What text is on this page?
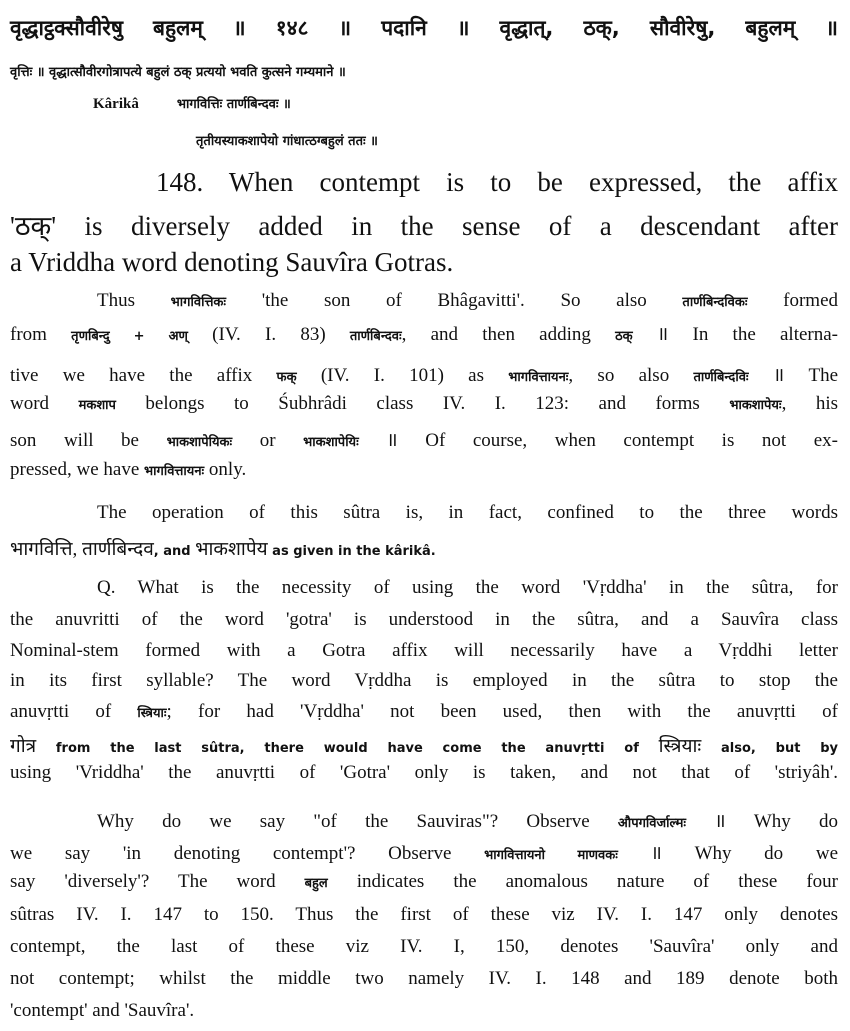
वृद्धाट्ठक्सौवीरेषु बहुलम् ॥ १४८ ॥ पदानि ॥ वृद्धात्, ठक्, सौवीरेषु, बहुलम् ॥
वृत्तिः ॥ वृद्धात्सौवीरगोत्रापत्ये बहुलं ठक् प्रत्ययो भवति कुत्सने गम्यमाने ॥
Kârikâ	भागवित्तिः तार्णबिन्दवः ॥
तृतीयस्याकशापेयो गांधात्ठग्बहुलं ततः ॥
148. When contempt is to be expressed, the affix
'ठक्' is diversely added in the sense of a descendant after
a Vriddha word denoting Sauvîra Gotras.
Thus भागवित्तिकः 'the son of Bhâgavitti'. So also तार्णबिन्दविकः formed
from तृणबिन्दु + अण् (IV. I. 83) तार्णबिन्दवः, and then adding ठक् ॥ In the alterna-
tive we have the affix फक् (IV. I. 101) as भागवित्तायनः, so also तार्णबिन्दविः ॥ The
word मकशाप belongs to Śubhrâdi class IV. I. 123: and forms भाकशापेयः, his
son will be भाकशापेयिकः or भाकशापेयिः ॥ Of course, when contempt is not ex-
pressed, we have भागवित्तायनः only.
The operation of this sûtra is, in fact, confined to the three words
भागवित्ति, तार्णबिन्दव, and भाकशापेय as given in the kârikâ.
Q. What is the necessity of using the word 'Vṛddha' in the sûtra, for
the anuvritti of the word 'gotra' is understood in the sûtra, and a Sauvîra class
Nominal-stem formed with a Gotra affix will necessarily have a Vṛddhi letter
in its first syllable? The word Vṛddha is employed in the sûtra to stop the
anuvṛtti of स्त्रियाः; for had 'Vṛddha' not been used, then with the anuvṛtti of
गोत्र from the last sûtra, there would have come the anuvṛtti of स्त्रियाः also, but by
using 'Vriddha' the anuvṛtti of 'Gotra' only is taken, and not that of 'striyâh'.
Why do we say "of the Sauviras"? Observe औपगविर्जाल्मः ॥ Why do
we say 'in denoting contempt'? Observe भागवित्तायनो माणवकः ॥ Why do we
say 'diversely'? The word बहुल indicates the anomalous nature of these four
sûtras IV. I. 147 to 150. Thus the first of these viz IV. I. 147 only denotes
contempt, the last of these viz IV. I, 150, denotes 'Sauvîra' only and
not contempt; whilst the middle two namely IV. I. 148 and 189 denote both
'contempt' and 'Sauvîra'.
